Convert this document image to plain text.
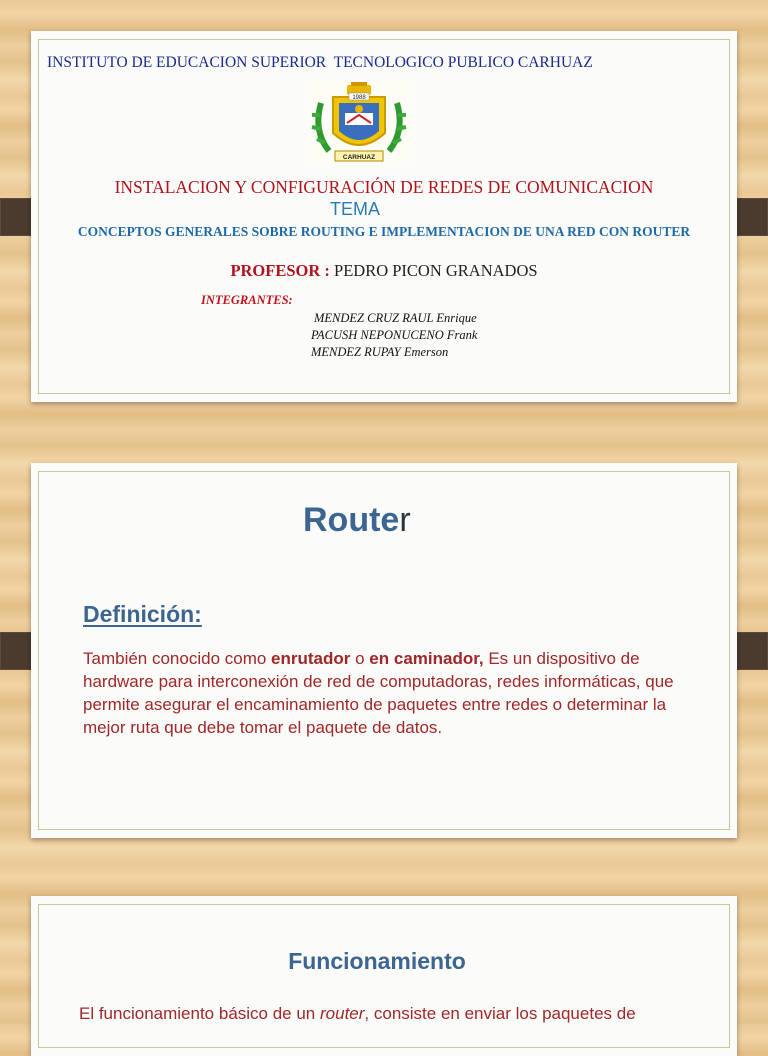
INSTITUTO DE EDUCACION SUPERIOR  TECNOLOGICO PUBLICO CARHUAZ
1988
CARHUAZ
INSTALACION Y CONFIGURACIÓN DE REDES DE COMUNICACION
TEMA
CONCEPTOS GENERALES SOBRE ROUTING E IMPLEMENTACION DE UNA RED CON ROUTER
PROFESOR : PEDRO PICON GRANADOS
INTEGRANTES:
MENDEZ CRUZ RAUL Enrique
PACUSH NEPONUCENO Frank
MENDEZ RUPAY Emerson
Router
Definición:
También conocido como enrutador o en caminador, Es un dispositivo de hardware para interconexión de red de computadoras, redes informáticas, que permite asegurar el encaminamiento de paquetes entre redes o determinar la mejor ruta que debe tomar el paquete de datos.
Funcionamiento
El funcionamiento básico de un router, consiste en enviar los paquetes de
